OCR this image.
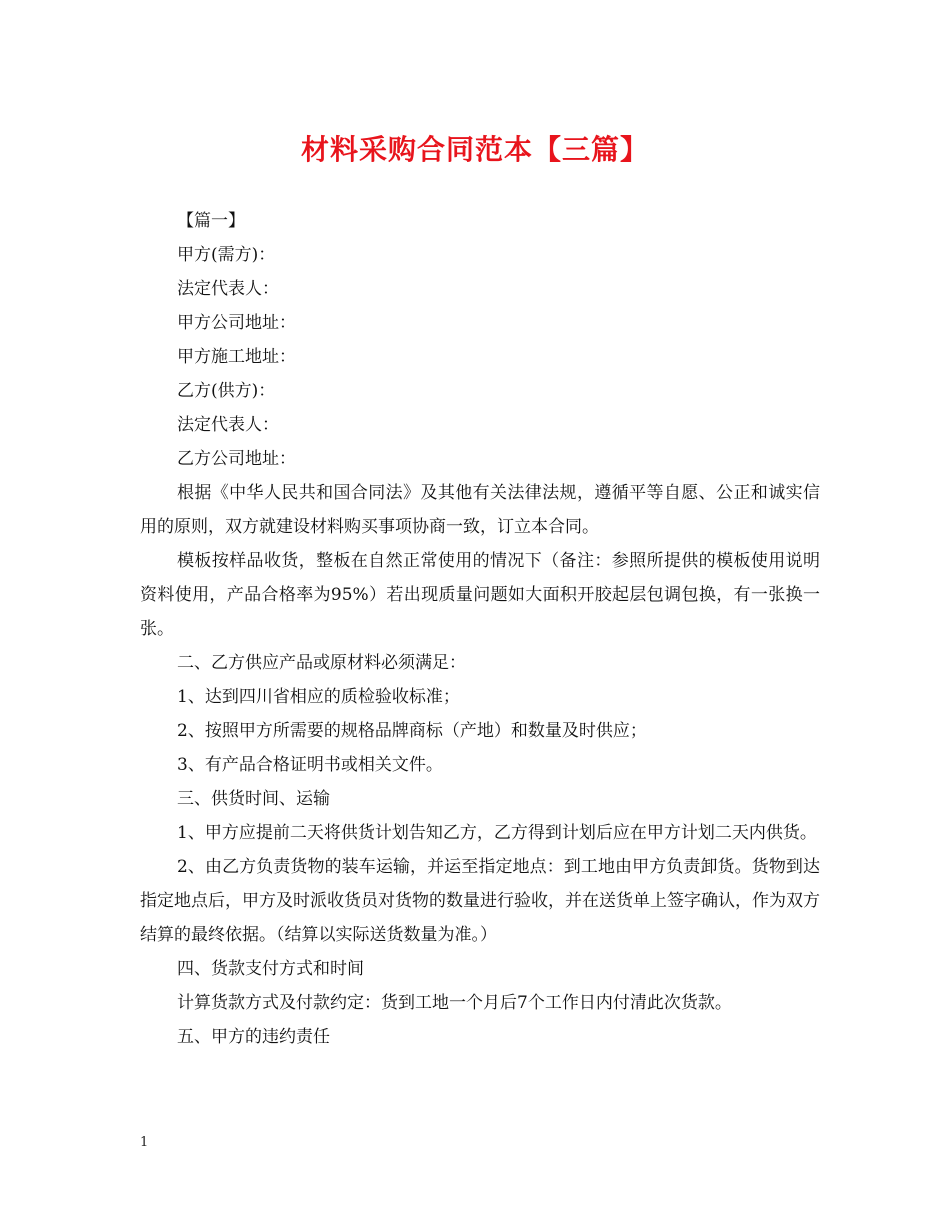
材料采购合同范本【三篇】

【篇一】

甲方(需方)：

法定代表人：

甲方公司地址：

甲方施工地址：

乙方(供方)：

法定代表人：

乙方公司地址：

根据《中华人民共和国合同法》及其他有关法律法规，遵循平等自愿、公正和诚实信用的原则，双方就建设材料购买事项协商一致，订立本合同。

模板按样品收货，整板在自然正常使用的情况下（备注：参照所提供的模板使用说明资料使用，产品合格率为95%）若出现质量问题如大面积开胶起层包调包换，有一张换一张。

二、乙方供应产品或原材料必须满足：

1、达到四川省相应的质检验收标准；

2、按照甲方所需要的规格品牌商标（产地）和数量及时供应；

3、有产品合格证明书或相关文件。

三、供货时间、运输

1、甲方应提前二天将供货计划告知乙方，乙方得到计划后应在甲方计划二天内供货。

2、由乙方负责货物的装车运输，并运至指定地点：到工地由甲方负责卸货。货物到达指定地点后，甲方及时派收货员对货物的数量进行验收，并在送货单上签字确认，作为双方结算的最终依据。（结算以实际送货数量为准。）

四、货款支付方式和时间

计算货款方式及付款约定：货到工地一个月后7个工作日内付清此次货款。

五、甲方的违约责任

1
